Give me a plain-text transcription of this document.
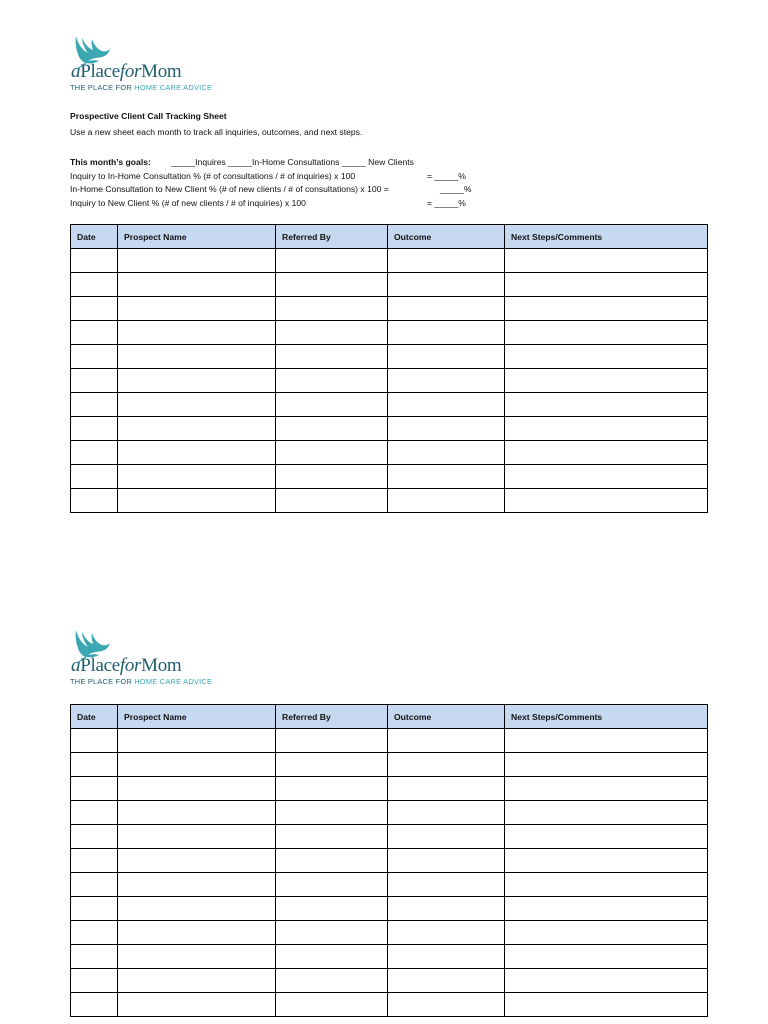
aPlaceforMom
THE PLACE FOR HOME CARE ADVICE
Prospective Client Call Tracking Sheet
Use a new sheet each month to track all inquiries, outcomes, and next steps.
This month’s goals: _____Inquires _____In-Home Consultations _____ New Clients
Inquiry to In-Home Consultation % (# of consultations / # of inquiries) x 100	= _____%
In-Home Consultation to New Client % (# of new clients / # of consultations) x 100 =	_____%
Inquiry to New Client % (# of new clients / # of inquiries) x 100	= _____%
Date	Prospect Name	Referred By	Outcome	Next Steps/Comments

aPlaceforMom
THE PLACE FOR HOME CARE ADVICE
Date	Prospect Name	Referred By	Outcome	Next Steps/Comments
